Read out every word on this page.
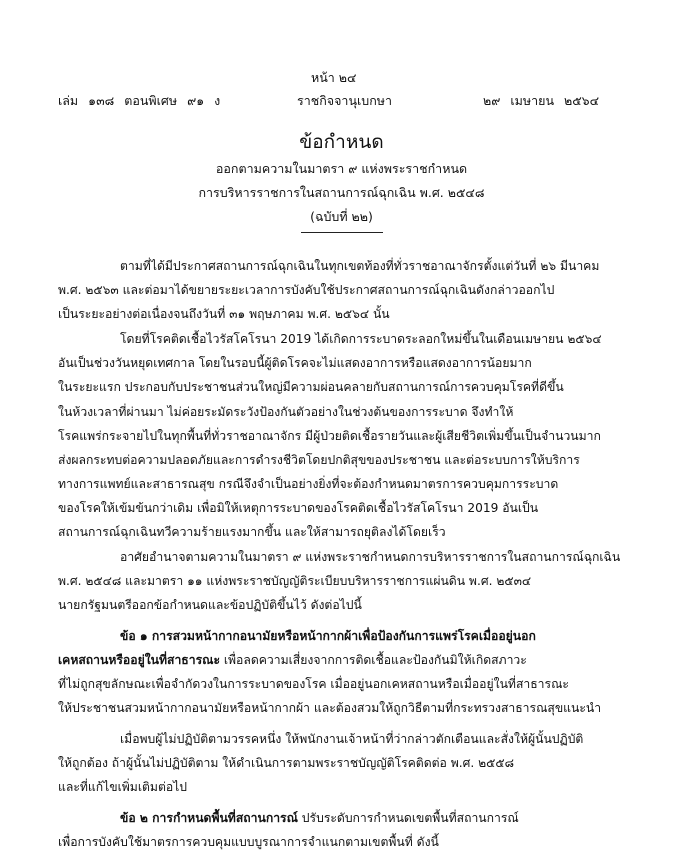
หน้า ๒๔
เล่ม ๑๓๘ ตอนพิเศษ ๙๑ ง	ราชกิจจานุเบกษา	๒๙ เมษายน ๒๕๖๔
ข้อกำหนด
ออกตามความในมาตรา ๙ แห่งพระราชกำหนด
การบริหารราชการในสถานการณ์ฉุกเฉิน พ.ศ. ๒๕๔๘
(ฉบับที่ ๒๒)
ตามที่ได้มีประกาศสถานการณ์ฉุกเฉินในทุกเขตท้องที่ทั่วราชอาณาจักรตั้งแต่วันที่ ๒๖ มีนาคม
พ.ศ. ๒๕๖๓ และต่อมาได้ขยายระยะเวลาการบังคับใช้ประกาศสถานการณ์ฉุกเฉินดังกล่าวออกไป
เป็นระยะอย่างต่อเนื่องจนถึงวันที่ ๓๑ พฤษภาคม พ.ศ. ๒๕๖๔ นั้น
โดยที่โรคติดเชื้อไวรัสโคโรนา 2019 ได้เกิดการระบาดระลอกใหม่ขึ้นในเดือนเมษายน ๒๕๖๔
อันเป็นช่วงวันหยุดเทศกาล โดยในรอบนี้ผู้ติดโรคจะไม่แสดงอาการหรือแสดงอาการน้อยมาก
ในระยะแรก ประกอบกับประชาชนส่วนใหญ่มีความผ่อนคลายกับสถานการณ์การควบคุมโรคที่ดีขึ้น
ในห้วงเวลาที่ผ่านมา ไม่ค่อยระมัดระวังป้องกันตัวอย่างในช่วงต้นของการระบาด จึงทำให้
โรคแพร่กระจายไปในทุกพื้นที่ทั่วราชอาณาจักร มีผู้ป่วยติดเชื้อรายวันและผู้เสียชีวิตเพิ่มขึ้นเป็นจำนวนมาก
ส่งผลกระทบต่อความปลอดภัยและการดำรงชีวิตโดยปกติสุขของประชาชน และต่อระบบการให้บริการ
ทางการแพทย์และสาธารณสุข กรณีจึงจำเป็นอย่างยิ่งที่จะต้องกำหนดมาตรการควบคุมการระบาด
ของโรคให้เข้มข้นกว่าเดิม เพื่อมิให้เหตุการระบาดของโรคติดเชื้อไวรัสโคโรนา 2019 อันเป็น
สถานการณ์ฉุกเฉินทวีความร้ายแรงมากขึ้น และให้สามารถยุติลงได้โดยเร็ว
อาศัยอำนาจตามความในมาตรา ๙ แห่งพระราชกำหนดการบริหารราชการในสถานการณ์ฉุกเฉิน
พ.ศ. ๒๕๔๘ และมาตรา ๑๑ แห่งพระราชบัญญัติระเบียบบริหารราชการแผ่นดิน พ.ศ. ๒๕๓๔
นายกรัฐมนตรีออกข้อกำหนดและข้อปฏิบัติขึ้นไว้ ดังต่อไปนี้
ข้อ ๑ การสวมหน้ากากอนามัยหรือหน้ากากผ้าเพื่อป้องกันการแพร่โรคเมื่ออยู่นอก
เคหสถานหรืออยู่ในที่สาธารณะ เพื่อลดความเสี่ยงจากการติดเชื้อและป้องกันมิให้เกิดสภาวะ
ที่ไม่ถูกสุขลักษณะเพื่อจำกัดวงในการระบาดของโรค เมื่ออยู่นอกเคหสถานหรือเมื่ออยู่ในที่สาธารณะ
ให้ประชาชนสวมหน้ากากอนามัยหรือหน้ากากผ้า และต้องสวมให้ถูกวิธีตามที่กระทรวงสาธารณสุขแนะนำ
เมื่อพบผู้ไม่ปฏิบัติตามวรรคหนึ่ง ให้พนักงานเจ้าหน้าที่ว่ากล่าวตักเตือนและสั่งให้ผู้นั้นปฏิบัติ
ให้ถูกต้อง ถ้าผู้นั้นไม่ปฏิบัติตาม ให้ดำเนินการตามพระราชบัญญัติโรคติดต่อ พ.ศ. ๒๕๕๘
และที่แก้ไขเพิ่มเติมต่อไป
ข้อ ๒ การกำหนดพื้นที่สถานการณ์ ปรับระดับการกำหนดเขตพื้นที่สถานการณ์
เพื่อการบังคับใช้มาตรการควบคุมแบบบูรณาการจำแนกตามเขตพื้นที่ ดังนี้
